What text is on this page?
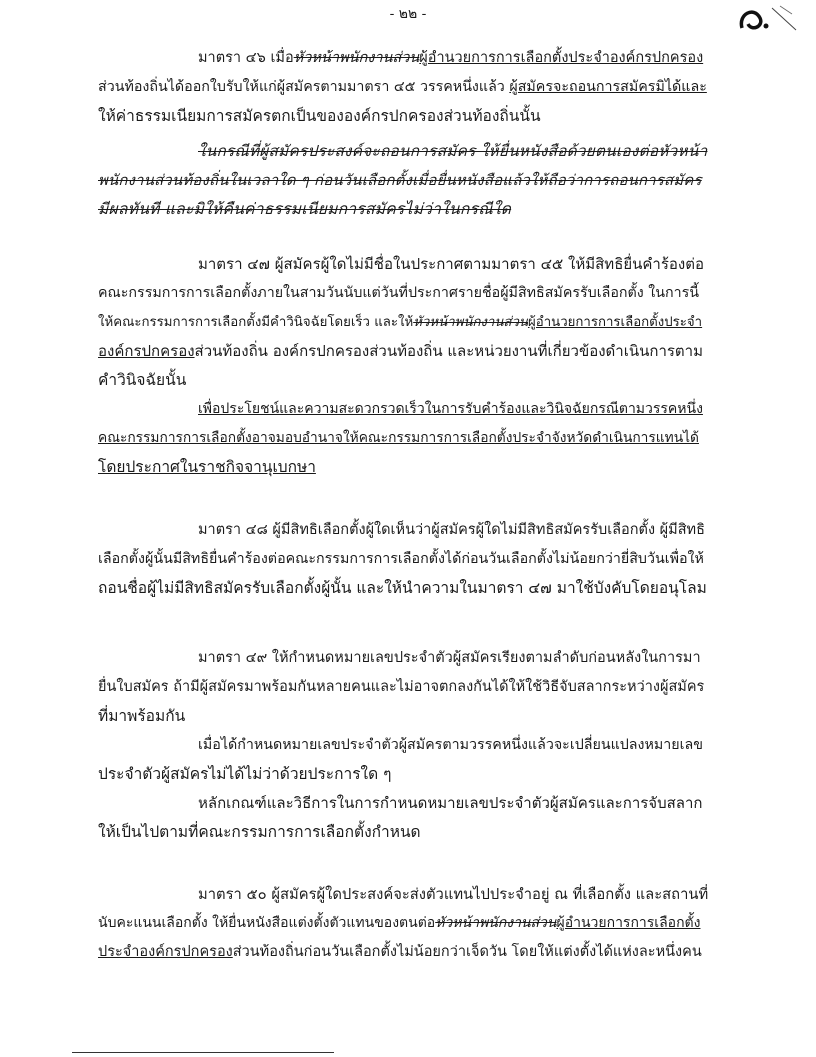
- ๒๒ -
มาตรา ๔๖ เมื่อหัวหน้าพนักงานส่วนผู้อำนวยการการเลือกตั้งประจำองค์กรปกครอง
ส่วนท้องถิ่นได้ออกใบรับให้แก่ผู้สมัครตามมาตรา ๔๕ วรรคหนึ่งแล้ว ผู้สมัครจะถอนการสมัครมิได้และ
ให้ค่าธรรมเนียมการสมัครตกเป็นขององค์กรปกครองส่วนท้องถิ่นนั้น
ในกรณีที่ผู้สมัครประสงค์จะถอนการสมัคร ให้ยื่นหนังสือด้วยตนเองต่อหัวหน้า
พนักงานส่วนท้องถิ่นในเวลาใด ๆ ก่อนวันเลือกตั้งเมื่อยื่นหนังสือแล้วให้ถือว่าการถอนการสมัคร
มีผลทันที และมิให้คืนค่าธรรมเนียมการสมัครไม่ว่าในกรณีใด
มาตรา ๔๗ ผู้สมัครผู้ใดไม่มีชื่อในประกาศตามมาตรา ๔๕ ให้มีสิทธิยื่นคำร้องต่อ
คณะกรรมการการเลือกตั้งภายในสามวันนับแต่วันที่ประกาศรายชื่อผู้มีสิทธิสมัครรับเลือกตั้ง ในการนี้
ให้คณะกรรมการการเลือกตั้งมีคำวินิจฉัยโดยเร็ว และให้หัวหน้าพนักงานส่วนผู้อำนวยการการเลือกตั้งประจำ
องค์กรปกครองส่วนท้องถิ่น องค์กรปกครองส่วนท้องถิ่น และหน่วยงานที่เกี่ยวข้องดำเนินการตาม
คำวินิจฉัยนั้น
เพื่อประโยชน์และความสะดวกรวดเร็วในการรับคำร้องและวินิจฉัยกรณีตามวรรคหนึ่ง
คณะกรรมการการเลือกตั้งอาจมอบอำนาจให้คณะกรรมการการเลือกตั้งประจำจังหวัดดำเนินการแทนได้
โดยประกาศในราชกิจจานุเบกษา
มาตรา ๔๘ ผู้มีสิทธิเลือกตั้งผู้ใดเห็นว่าผู้สมัครผู้ใดไม่มีสิทธิสมัครรับเลือกตั้ง ผู้มีสิทธิ
เลือกตั้งผู้นั้นมีสิทธิยื่นคำร้องต่อคณะกรรมการการเลือกตั้งได้ก่อนวันเลือกตั้งไม่น้อยกว่ายี่สิบวันเพื่อให้
ถอนชื่อผู้ไม่มีสิทธิสมัครรับเลือกตั้งผู้นั้น และให้นำความในมาตรา ๔๗ มาใช้บังคับโดยอนุโลม
มาตรา ๔๙ ให้กำหนดหมายเลขประจำตัวผู้สมัครเรียงตามลำดับก่อนหลังในการมา
ยื่นใบสมัคร ถ้ามีผู้สมัครมาพร้อมกันหลายคนและไม่อาจตกลงกันได้ให้ใช้วิธีจับสลากระหว่างผู้สมัคร
ที่มาพร้อมกัน
เมื่อได้กำหนดหมายเลขประจำตัวผู้สมัครตามวรรคหนึ่งแล้วจะเปลี่ยนแปลงหมายเลข
ประจำตัวผู้สมัครไม่ได้ไม่ว่าด้วยประการใด ๆ
หลักเกณฑ์และวิธีการในการกำหนดหมายเลขประจำตัวผู้สมัครและการจับสลาก
ให้เป็นไปตามที่คณะกรรมการการเลือกตั้งกำหนด
มาตรา ๕๐ ผู้สมัครผู้ใดประสงค์จะส่งตัวแทนไปประจำอยู่ ณ ที่เลือกตั้ง และสถานที่
นับคะแนนเลือกตั้ง ให้ยื่นหนังสือแต่งตั้งตัวแทนของตนต่อหัวหน้าพนักงานส่วนผู้อำนวยการการเลือกตั้ง
ประจำองค์กรปกครองส่วนท้องถิ่นก่อนวันเลือกตั้งไม่น้อยกว่าเจ็ดวัน โดยให้แต่งตั้งได้แห่งละหนึ่งคน
